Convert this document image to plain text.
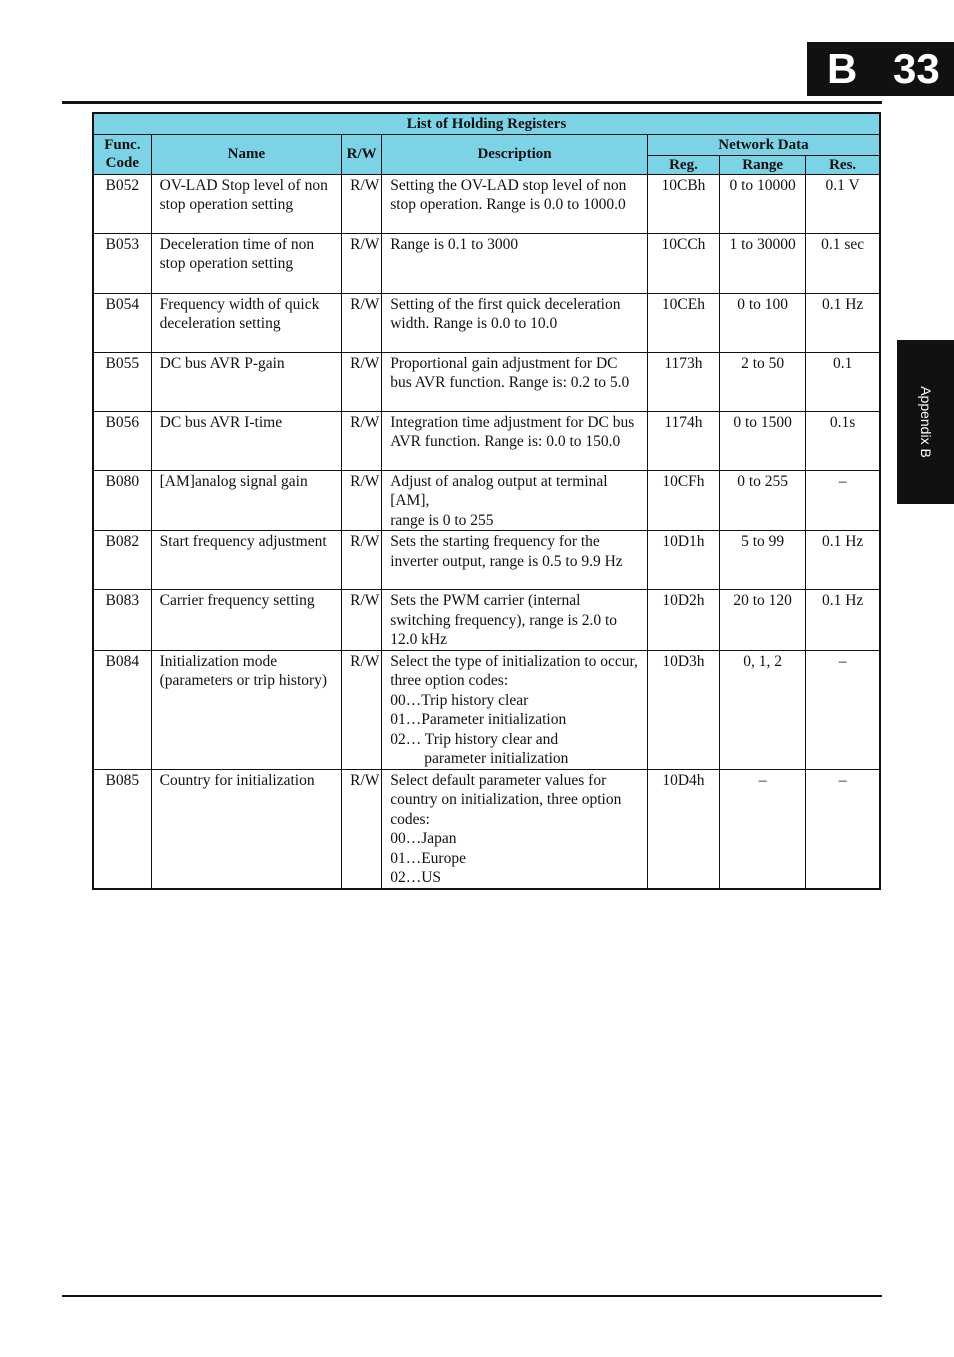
B 33
Appendix B
List of Holding Registers						
Func. Code	Name	R/W	Description	Network Data		
				Reg.	Range	Res.
B052	OV-LAD Stop level of non stop operation setting	R/W	Setting the OV-LAD stop level of non stop operation. Range is 0.0 to 1000.0	10CBh	0 to 10000	0.1 V
B053	Deceleration time of non stop operation setting	R/W	Range is 0.1 to 3000	10CCh	1 to 30000	0.1 sec
B054	Frequency width of quick deceleration setting	R/W	Setting of the first quick deceleration width. Range is 0.0 to 10.0	10CEh	0 to 100	0.1 Hz
B055	DC bus AVR P-gain	R/W	Proportional gain adjustment for DC bus AVR function. Range is: 0.2 to 5.0	1173h	2 to 50	0.1
B056	DC bus AVR I-time	R/W	Integration time adjustment for DC bus AVR function. Range is: 0.0 to 150.0	1174h	0 to 1500	0.1s
B080	[AM]analog signal gain	R/W	Adjust of analog output at terminal [AM],
range is 0 to 255	10CFh	0 to 255	–
B082	Start frequency adjustment	R/W	Sets the starting frequency for the inverter output, range is 0.5 to 9.9 Hz	10D1h	5 to 99	0.1 Hz
B083	Carrier frequency setting	R/W	Sets the PWM carrier (internal switching frequency), range is 2.0 to 12.0 kHz	10D2h	20 to 120	0.1 Hz
B084	Initialization mode (parameters or trip history)	R/W	Select the type of initialization to occur, three option codes:
00…Trip history clear
01…Parameter initialization
02… Trip history clear and
parameter initialization	10D3h	0, 1, 2	–
B085	Country for initialization	R/W	Select default parameter values for country on initialization, three option codes:
00…Japan
01…Europe
02…US	10D4h	–	–
